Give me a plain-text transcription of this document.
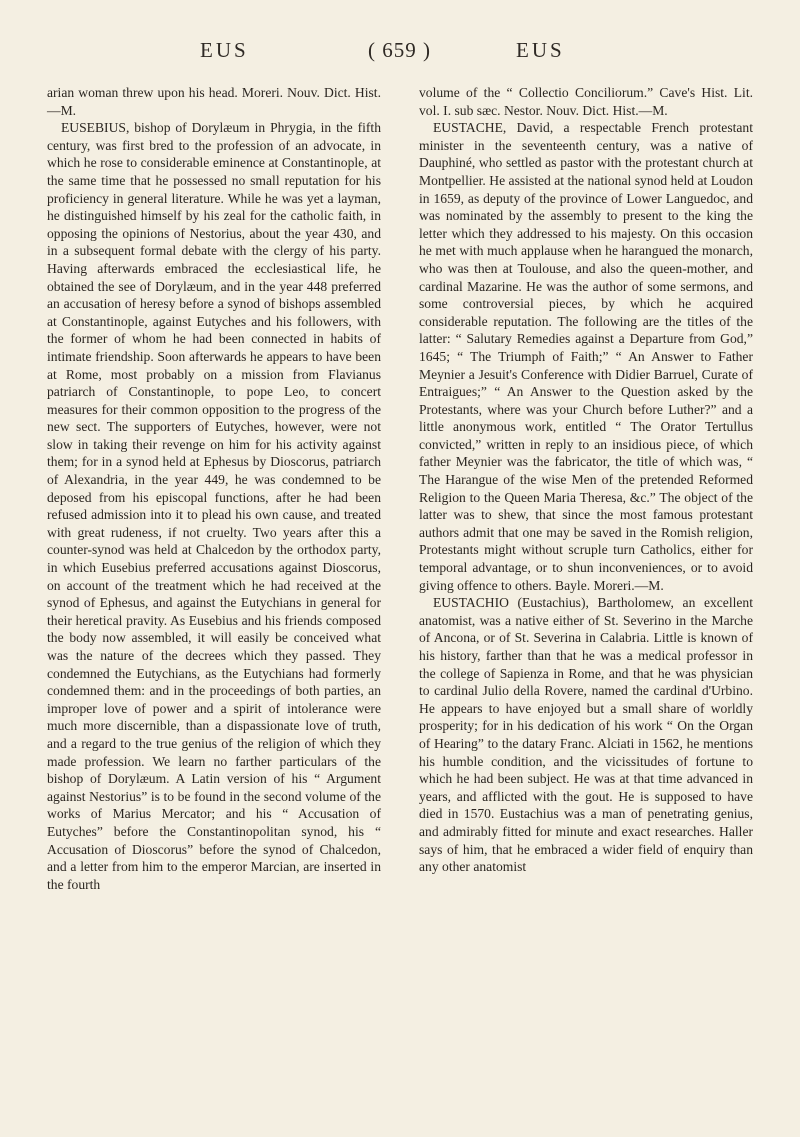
EUS	( 659 )	EUS

arian woman threw upon his head. Moreri. Nouv. Dict. Hist.—M.

EUSEBIUS, bishop of Dorylæum in Phrygia, in the fifth century, was first bred to the profession of an advocate, in which he rose to considerable eminence at Constantinople, at the same time that he possessed no small reputation for his proficiency in general literature. While he was yet a layman, he distinguished himself by his zeal for the catholic faith, in opposing the opinions of Nestorius, about the year 430, and in a subsequent formal debate with the clergy of his party. Having afterwards embraced the ecclesiastical life, he obtained the see of Dorylæum, and in the year 448 preferred an accusation of heresy before a synod of bishops assembled at Constantinople, against Eutyches and his followers, with the former of whom he had been connected in habits of intimate friendship. Soon afterwards he appears to have been at Rome, most probably on a mission from Flavianus patriarch of Constantinople, to pope Leo, to concert measures for their common opposition to the progress of the new sect. The supporters of Eutyches, however, were not slow in taking their revenge on him for his activity against them; for in a synod held at Ephesus by Dioscorus, patriarch of Alexandria, in the year 449, he was condemned to be deposed from his episcopal functions, after he had been refused admission into it to plead his own cause, and treated with great rudeness, if not cruelty. Two years after this a counter-synod was held at Chalcedon by the orthodox party, in which Eusebius preferred accusations against Dioscorus, on account of the treatment which he had received at the synod of Ephesus, and against the Eutychians in general for their heretical pravity. As Eusebius and his friends composed the body now assembled, it will easily be conceived what was the nature of the decrees which they passed. They condemned the Eutychians, as the Eutychians had formerly condemned them: and in the proceedings of both parties, an improper love of power and a spirit of intolerance were much more discernible, than a dispassionate love of truth, and a regard to the true genius of the religion of which they made profession. We learn no farther particulars of the bishop of Dorylæum. A Latin version of his “ Argument against Nestorius” is to be found in the second volume of the works of Marius Mercator; and his “ Accusation of Eutyches” before the Constantinopolitan synod, his “ Accusation of Dioscorus” before the synod of Chalcedon, and a letter from him to the emperor Marcian, are inserted in the fourth

volume of the “ Collectio Conciliorum.” Cave's Hist. Lit. vol. I. sub sæc. Nestor. Nouv. Dict. Hist.—M.

EUSTACHE, David, a respectable French protestant minister in the seventeenth century, was a native of Dauphiné, who settled as pastor with the protestant church at Montpellier. He assisted at the national synod held at Loudon in 1659, as deputy of the province of Lower Languedoc, and was nominated by the assembly to present to the king the letter which they addressed to his majesty. On this occasion he met with much applause when he harangued the monarch, who was then at Toulouse, and also the queen-mother, and cardinal Mazarine. He was the author of some sermons, and some controversial pieces, by which he acquired considerable reputation. The following are the titles of the latter: “ Salutary Remedies against a Departure from God,” 1645; “ The Triumph of Faith;” “ An Answer to Father Meynier a Jesuit's Conference with Didier Barruel, Curate of Entraigues;” “ An Answer to the Question asked by the Protestants, where was your Church before Luther?” and a little anonymous work, entitled “ The Orator Tertullus convicted,” written in reply to an insidious piece, of which father Meynier was the fabricator, the title of which was, “ The Harangue of the wise Men of the pretended Reformed Religion to the Queen Maria Theresa, &c.” The object of the latter was to shew, that since the most famous protestant authors admit that one may be saved in the Romish religion, Protestants might without scruple turn Catholics, either for temporal advantage, or to shun inconveniences, or to avoid giving offence to others. Bayle. Moreri.—M.

EUSTACHIO (Eustachius), Bartholomew, an excellent anatomist, was a native either of St. Severino in the Marche of Ancona, or of St. Severina in Calabria. Little is known of his history, farther than that he was a medical professor in the college of Sapienza in Rome, and that he was physician to cardinal Julio della Rovere, named the cardinal d'Urbino. He appears to have enjoyed but a small share of worldly prosperity; for in his dedication of his work “ On the Organ of Hearing” to the datary Franc. Alciati in 1562, he mentions his humble condition, and the vicissitudes of fortune to which he had been subject. He was at that time advanced in years, and afflicted with the gout. He is supposed to have died in 1570. Eustachius was a man of penetrating genius, and admirably fitted for minute and exact researches. Haller says of him, that he embraced a wider field of enquiry than any other anatomist
